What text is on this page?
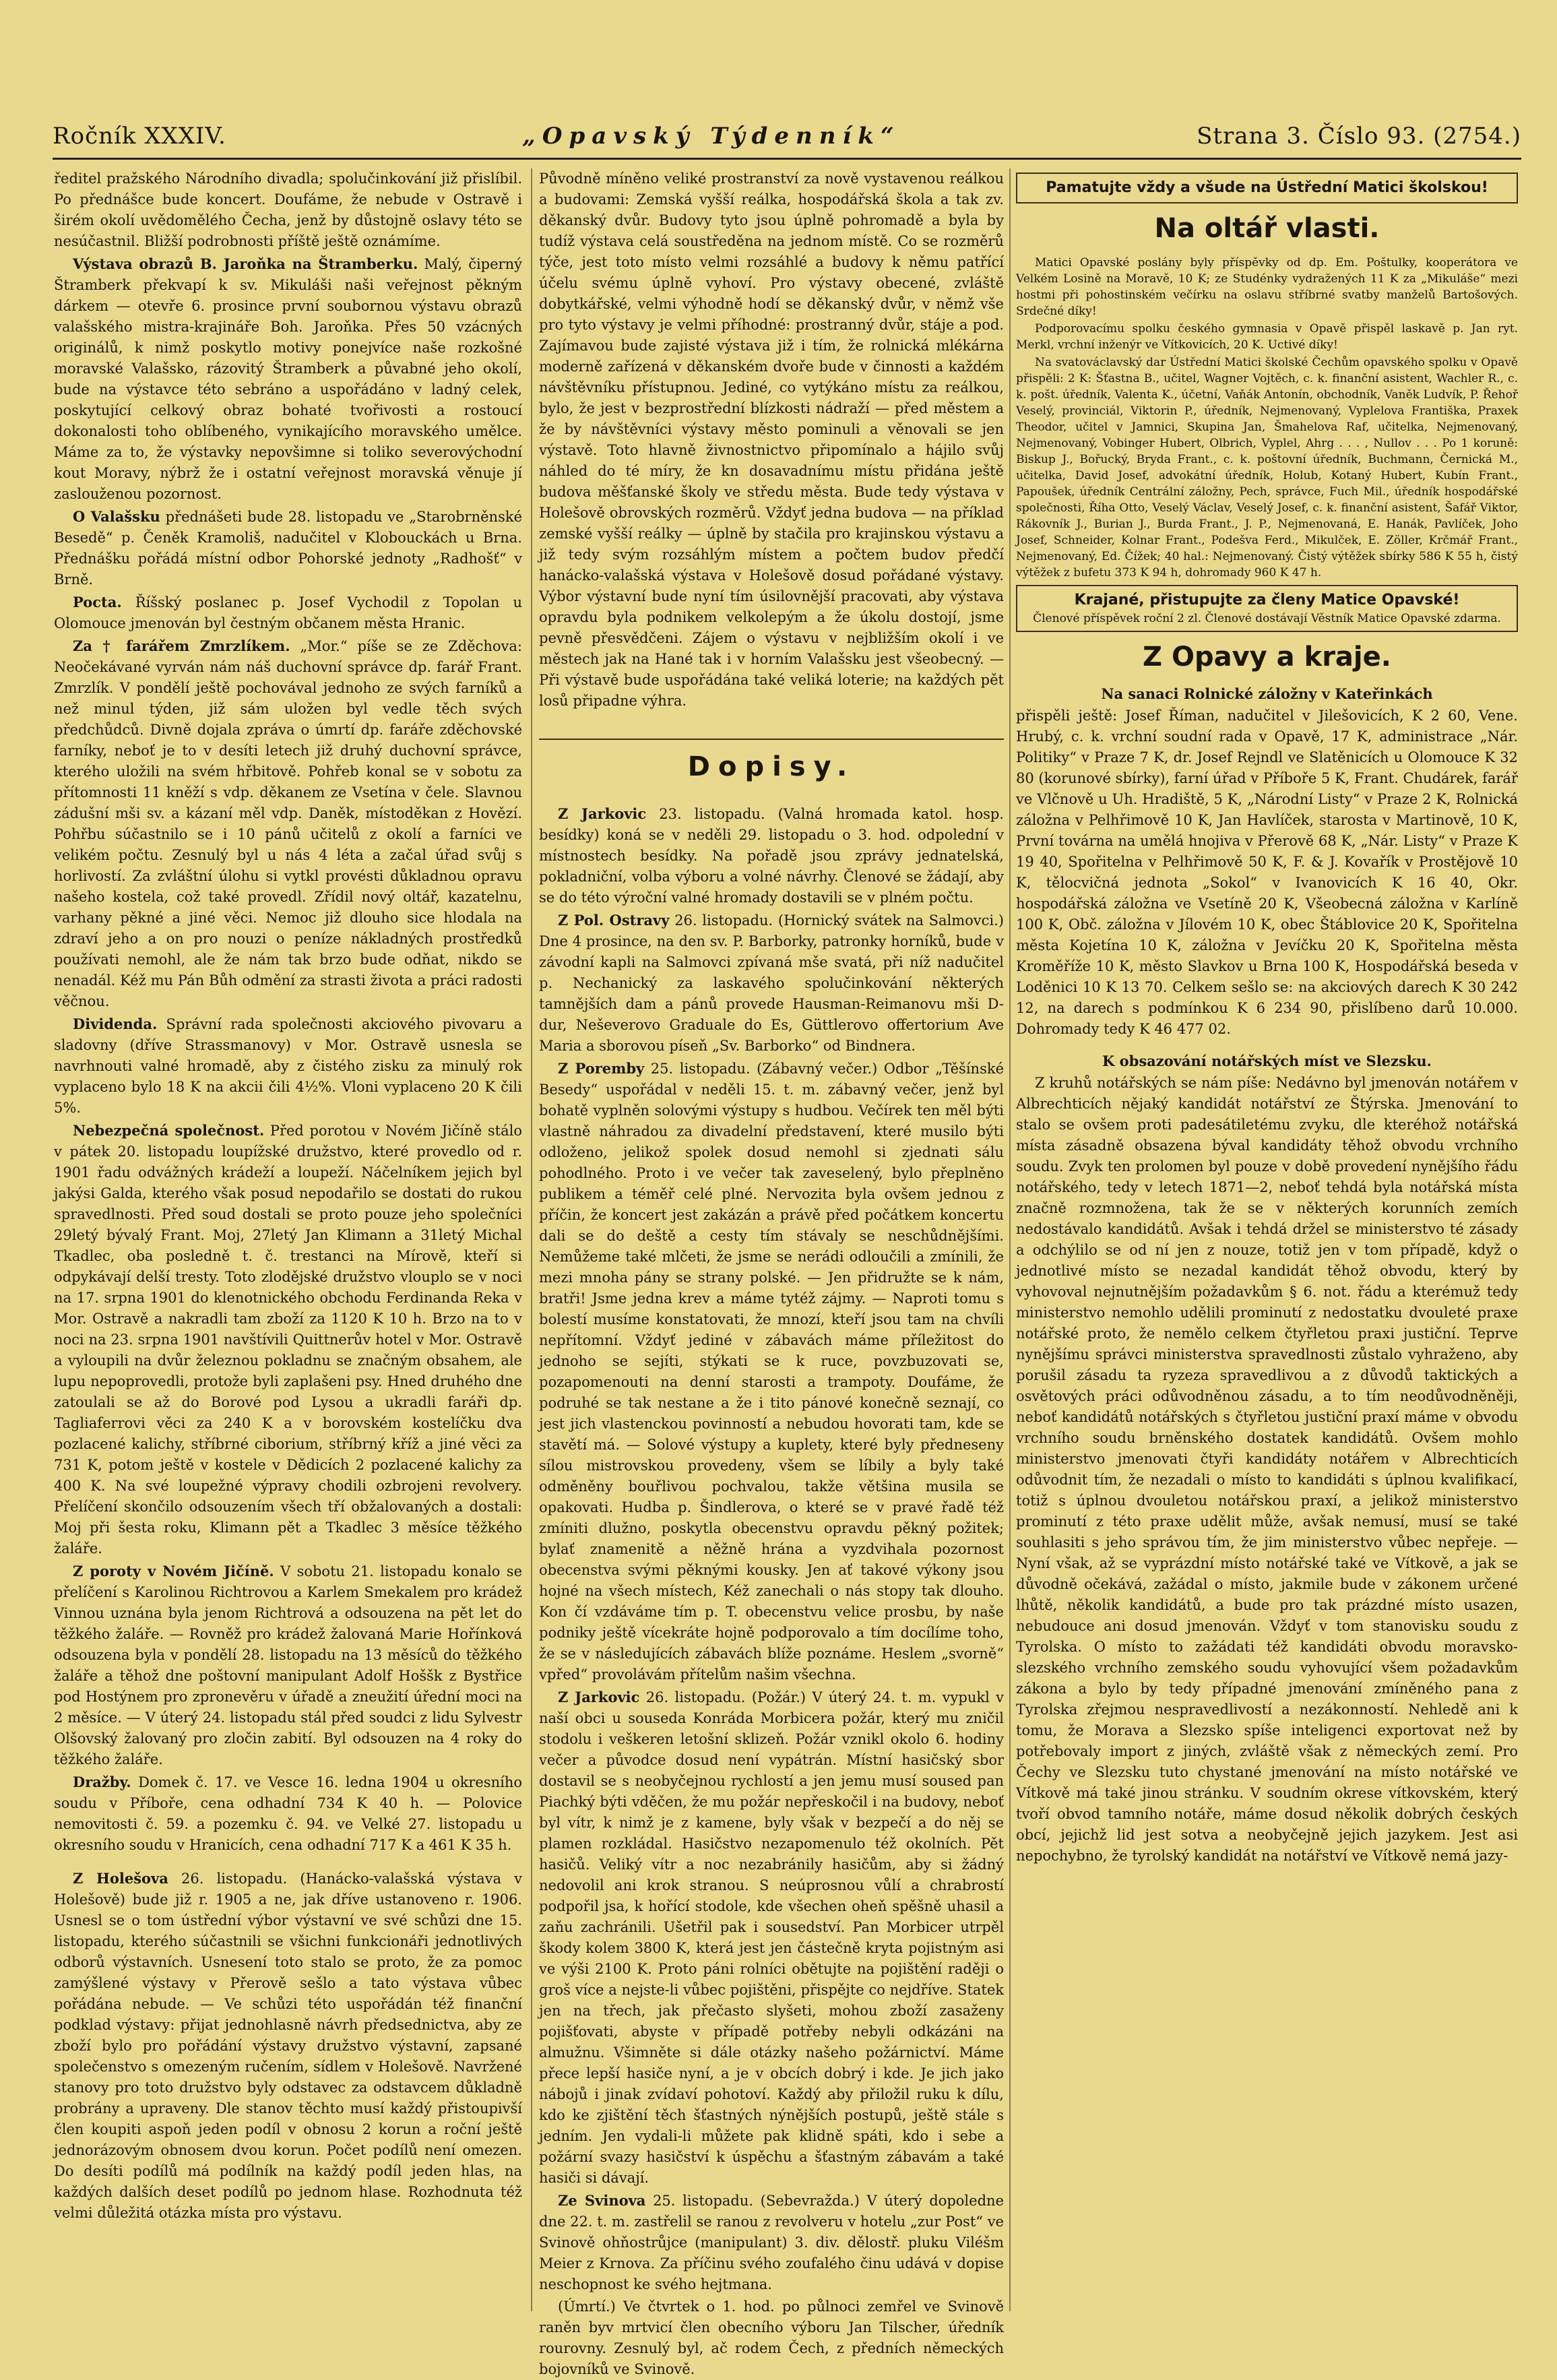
Ročník XXXIV.	„Opavský Týdenník“	Strana 3. Číslo 93. (2754.)

ředitel pražského Národního divadla; spolučinkování již přislíbil. Po přednášce bude koncert. Doufáme, že nebude v Ostravě i širém okolí uvědomělého Čecha, jenž by důstojně oslavy této se nesúčastnil. Bližší podrobnosti příště ještě oznámíme.

Výstava obrazů B. Jaroňka na Štramberku. Malý, čiperný Štramberk překvapí k sv. Mikuláši naši veřejnost pěkným dárkem — otevře 6. prosince první soubornou výstavu obrazů valašského mistra-krajináře Boh. Jaroňka. Přes 50 vzácných originálů, k nimž poskytlo motivy ponejvíce naše rozkošné moravské Valašsko, rázovitý Štramberk a půvabné jeho okolí, bude na výstavce této sebráno a uspořádáno v ladný celek, poskytující celkový obraz bohaté tvořivosti a rostoucí dokonalosti toho oblíbeného, vynikajícího moravského umělce. Máme za to, že výstavky nepovšimne si toliko severovýchodní kout Moravy, nýbrž že i ostatní veřejnost moravská věnuje jí zaslouženou pozornost.

O Valašsku přednášeti bude 28. listopadu ve „Starobrněnské Besedě“ p. Čeněk Kramoliš, nadučitel v Klobouckách u Brna. Přednášku pořádá místní odbor Pohorské jednoty „Radhošť“ v Brně.

Pocta. Říšský poslanec p. Josef Vychodil z Topolan u Olomouce jmenován byl čestným občanem města Hranic.

Za † farářem Zmrzlíkem. „Mor.“ píše se ze Zděchova: Neočekávané vyrván nám náš duchovní správce dp. farář Frant. Zmrzlík. V pondělí ještě pochovával jednoho ze svých farníků a než minul týden, již sám uložen byl vedle těch svých předchůdců. Divně dojala zpráva o úmrtí dp. faráře zděchovské farníky, neboť je to v desíti letech již druhý duchovní správce, kterého uložili na svém hřbitově. Pohřeb konal se v sobotu za přítomnosti 11 kněží s vdp. děkanem ze Vsetína v čele. Slavnou zádušní mši sv. a kázaní měl vdp. Daněk, místoděkan z Hovězí. Pohřbu súčastnilo se i 10 pánů učitelů z okolí a farníci ve velikém počtu. Zesnulý byl u nás 4 léta a začal úřad svůj s horlivostí. Za zvláštní úlohu si vytkl provésti důkladnou opravu našeho kostela, což také provedl. Zřídil nový oltář, kazatelnu, varhany pěkné a jiné věci. Nemoc již dlouho sice hlodala na zdraví jeho a on pro nouzi o peníze nákladných prostředků používati nemohl, ale že nám tak brzo bude odňat, nikdo se nenadál. Kéž mu Pán Bůh odmění za strasti života a práci radosti věčnou.

Dividenda. Správní rada společnosti akciového pivovaru a sladovny (dříve Strassmanovy) v Mor. Ostravě usnesla se navrhnouti valné hromadě, aby z čistého zisku za minulý rok vyplaceno bylo 18 K na akcii čili 4½%. Vloni vyplaceno 20 K čili 5%.

Nebezpečná společnost. Před porotou v Novém Jičíně stálo v pátek 20. listopadu loupížské družstvo, které provedlo od r. 1901 řadu odvážných krádeží a loupeží. Náčelníkem jejich byl jakýsi Galda, kterého však posud nepodařilo se dostati do rukou spravedlnosti. Před soud dostali se proto pouze jeho společníci 29letý bývalý Frant. Moj, 27letý Jan Klimann a 31letý Michal Tkadlec, oba posledně t. č. trestanci na Mírově, kteří si odpykávají delší tresty. Toto zlodějské družstvo vlouplo se v noci na 17. srpna 1901 do klenotnického obchodu Ferdinanda Reka v Mor. Ostravě a nakradli tam zboží za 1120 K 10 h. Brzo na to v noci na 23. srpna 1901 navštívili Quittnerův hotel v Mor. Ostravě a vyloupili na dvůr železnou pokladnu se značným obsahem, ale lupu nepoprovedli, protože byli zaplašeni psy. Hned druhého dne zatoulali se až do Borové pod Lysou a ukradli faráři dp. Tagliaferrovi věci za 240 K a v borovském kostelíčku dva pozlacené kalichy, stříbrné ciborium, stříbrný kříž a jiné věci za 731 K, potom ještě v kostele v Dědicích 2 pozlacené kalichy za 400 K. Na své loupežné výpravy chodili ozbrojeni revolvery. Přelíčení skončilo odsouzením všech tří obžalovaných a dostali: Moj při šesta roku, Klimann pět a Tkadlec 3 měsíce těžkého žaláře.

Z poroty v Novém Jičíně. V sobotu 21. listopadu konalo se přelíčení s Karolinou Richtrovou a Karlem Smekalem pro krádež Vinnou uznána byla jenom Richtrová a odsouzena na pět let do těžkého žaláře. — Rovněž pro krádež žalovaná Marie Hořínková odsouzena byla v pondělí 28. listopadu na 13 měsíců do těžkého žaláře a těhož dne poštovní manipulant Adolf Hoššk z Bystřice pod Hostýnem pro zpronevěru v úřadě a zneužití úřední moci na 2 měsíce. — V úterý 24. listopadu stál před soudci z lidu Sylvestr Olšovský žalovaný pro zločin zabití. Byl odsouzen na 4 roky do těžkého žaláře.

Dražby. Domek č. 17. ve Vesce 16. ledna 1904 u okresního soudu v Příboře, cena odhadní 734 K 40 h. — Polovice nemovitosti č. 59. a pozemku č. 94. ve Velké 27. listopadu u okresního soudu v Hranicích, cena odhadní 717 K a 461 K 35 h.

Z Holešova 26. listopadu. (Hanácko-valašská výstava v Holešově) bude již r. 1905 a ne, jak dříve ustanoveno r. 1906. Usnesl se o tom ústřední výbor výstavní ve své schůzi dne 15. listopadu, kterého súčastnili se všichni funkcionáři jednotlivých odborů výstavních. Usnesení toto stalo se proto, že za pomoc zamýšlené výstavy v Přerově sešlo a tato výstava vůbec pořádána nebude. — Ve schůzi této uspořádán též finanční podklad výstavy: přijat jednohlasně návrh předsednictva, aby ze zboží bylo pro pořádání výstavy družstvo výstavní, zapsané společenstvo s omezeným ručením, sídlem v Holešově. Navržené stanovy pro toto družstvo byly odstavec za odstavcem důkladně probrány a upraveny. Dle stanov těchto musí každý přistoupivší člen koupiti aspoň jeden podíl v obnosu 2 korun a roční ještě jednorázovým obnosem dvou korun. Počet podílů není omezen. Do desíti podílů má podílník na každý podíl jeden hlas, na každých dalších deset podílů po jednom hlase. Rozhodnuta též velmi důležitá otázka místa pro výstavu.

Původně míněno veliké prostranství za nově vystavenou reálkou a budovami: Zemská vyšší reálka, hospodářská škola a tak zv. děkanský dvůr. Budovy tyto jsou úplně pohromadě a byla by tudíž výstava celá soustředěna na jednom místě. Co se rozměrů týče, jest toto místo velmi rozsáhlé a budovy k němu patřící účelu svému úplně vyhoví. Pro výstavy obecené, zvláště dobytkářské, velmi výhodně hodí se děkanský dvůr, v němž vše pro tyto výstavy je velmi příhodné: prostranný dvůr, stáje a pod. Zajímavou bude zajisté výstava již i tím, že rolnická mlékárna moderně zařízená v děkanském dvoře bude v činnosti a každém návštěvníku přístupnou. Jediné, co vytýkáno místu za reálkou, bylo, že jest v bezprostřední blízkosti nádraží — před městem a že by návštěvníci výstavy město pominuli a věnovali se jen výstavě. Toto hlavně živnostnictvo připomínalo a hájilo svůj náhled do té míry, že kn dosavadnímu místu přidána ještě budova měšťanské školy ve středu města. Bude tedy výstava v Holešově obrovských rozměrů. Vždyť jedna budova — na příklad zemské vyšší reálky — úplně by stačila pro krajinskou výstavu a již tedy svým rozsáhlým místem a počtem budov předčí hanácko-valašská výstava v Holešově dosud pořádané výstavy. Výbor výstavní bude nyní tím úsilovnější pracovati, aby výstava opravdu byla podnikem velkolepým a že úkolu dostojí, jsme pevně přesvědčeni. Zájem o výstavu v nejbližším okolí i ve městech jak na Hané tak i v horním Valašsku jest všeobecný. — Při výstavě bude uspořádána také veliká loterie; na každých pět losů připadne výhra.

Dopisy.

Z Jarkovic 23. listopadu. (Valná hromada katol. hosp. besídky) koná se v neděli 29. listopadu o 3. hod. odpolední v místnostech besídky. Na pořadě jsou zprávy jednatelská, pokladniční, volba výboru a volné návrhy. Členové se žádají, aby se do této výroční valné hromady dostavili se v plném počtu.

Z Pol. Ostravy 26. listopadu. (Hornický svátek na Salmovci.) Dne 4 prosince, na den sv. P. Barborky, patronky horníků, bude v závodní kapli na Salmovci zpívaná mše svatá, při níž nadučitel p. Nechanický za laskavého spolučinkování některých tamnějších dam a pánů provede Hausman-Reimanovu mši D-dur, Neševerovo Graduale do Es, Güttlerovo offertorium Ave Maria a sborovou píseň „Sv. Barborko“ od Bindnera.

Z Poremby 25. listopadu. (Zábavný večer.) Odbor „Těšínské Besedy“ uspořádal v neděli 15. t. m. zábavný večer, jenž byl bohatě vyplněn solovými výstupy s hudbou. Večírek ten měl býti vlastně náhradou za divadelní představení, které musilo býti odloženo, jelikož spolek dosud nemohl si zjednati sálu pohodlného. Proto i ve večer tak zaveselený, bylo přeplněno publikem a téměř celé plné. Nervozita byla ovšem jednou z příčin, že koncert jest zakázán a právě před počátkem koncertu dali se do deště a cesty tím stávaly se neschůdnějšími. Nemůžeme také mlčeti, že jsme se nerádi odloučili a zmínili, že mezi mnoha pány se strany polské. — Jen přidružte se k nám, bratři! Jsme jedna krev a máme tytéž zájmy. — Naproti tomu s bolestí musíme konstatovati, že mnozí, kteří jsou tam na chvíli nepřítomní. Vždyť jediné v zábavách máme příležitost do jednoho se sejíti, stýkati se k ruce, povzbuzovati se, pozapomenouti na denní starosti a trampoty. Doufáme, že podruhé se tak nestane a že i tito pánové konečně seznají, co jest jich vlastenckou povinností a nebudou hovorati tam, kde se stavětí má. — Solové výstupy a kuplety, které byly předneseny sílou mistrovskou provedeny, všem se líbily a byly také odměněny bouřlivou pochvalou, takže většina musila se opakovati. Hudba p. Šindlerova, o které se v pravé řadě též zmíniti dlužno, poskytla obecenstvu opravdu pěkný požitek; bylať znamenitě a něžně hrána a vyzdvihala pozornost obecenstva svými pěknými kousky. Jen ať takové výkony jsou hojné na všech místech, Kéž zanechali o nás stopy tak dlouho. Kon čí vzdáváme tím p. T. obecenstvu velice prosbu, by naše podniky ještě vícekráte hojně podporovalo a tím docílíme toho, že se v následujících zábavách blíže poznáme. Heslem „svorně“ vpřed“ provolávám přítelům našim všechna.

Z Jarkovic 26. listopadu. (Požár.) V úterý 24. t. m. vypukl v naší obci u souseda Konráda Morbicera požár, který mu zničil stodolu i veškeren letošní sklizeň. Požár vznikl okolo 6. hodiny večer a původce dosud není vypátrán. Místní hasičský sbor dostavil se s neobyčejnou rychlostí a jen jemu musí soused pan Piachký býti vděčen, že mu požár nepřeskočil i na budovy, neboť byl vítr, k nimž je z kamene, byly však v bezpečí a do něj se plamen rozkládal. Hasičstvo nezapomenulo též okolních. Pět hasičů. Veliký vítr a noc nezabránily hasičům, aby si žádný nedovolil ani krok stranou. S neúprosnou vůlí a chrabrostí podpořil jsa, k hořící stodole, kde všechen oheň spěšně uhasil a zaňu zachránili. Ušetřil pak i sousedství. Pan Morbicer utrpěl škody kolem 3800 K, která jest jen částečně kryta pojistným asi ve výši 2100 K. Proto páni rolníci obětujte na pojištění raději o groš více a nejste-li vůbec pojištěni, přispějte co nejdříve. Statek jen na třech, jak přečasto slyšeti, mohou zboží zasaženy pojišťovati, abyste v případě potřeby nebyli odkázáni na almužnu. Všimněte si dále otázky našeho požárnictví. Máme přece lepší hasiče nyní, a je v obcích dobrý i kde. Je jich jako nábojů i jinak zvídaví pohotoví. Každý aby přiložil ruku k dílu, kdo ke zjištění těch šťastných nýnějších postupů, ještě stále s jedním. Jen vydali-li můžete pak klidně spáti, kdo i sebe a požární svazy hasičství k úspěchu a šťastným zábavám a také hasiči si dávají.

Ze Svinova 25. listopadu. (Sebevražda.) V úterý dopoledne dne 22. t. m. zastřelil se ranou z revolveru v hotelu „zur Post“ ve Svinově ohňostrůjce (manipulant) 3. div. dělostř. pluku Viléšm Meier z Krnova. Za příčinu svého zoufalého činu udává v dopise neschopnost ke svého hejtmana.

(Úmrtí.) Ve čtvrtek o 1. hod. po půlnoci zemřel ve Svinově raněn byv mrtvicí člen obecního výboru Jan Tilscher, úředník rourovny. Zesnulý byl, ač rodem Čech, z předních německých bojovníků ve Svinově.

Pamatujte vždy a všude na Ústřední Matici školskou!
Na oltář vlasti.

Matici Opavské poslány byly příspěvky od dp. Em. Poštulky, kooperátora ve Velkém Losině na Moravě, 10 K; ze Studénky vydražených 11 K za „Mikuláše“ mezi hostmi při pohostinském večírku na oslavu stříbrné svatby manželů Bartošových. Srdečné díky!

Podporovacímu spolku českého gymnasia v Opavě přispěl laskavě p. Jan ryt. Merkl, vrchní inženýr ve Vítkovicích, 20 K. Uctivé díky!

Na svatováclavský dar Ústřední Matici školské Čechům opavského spolku v Opavě přispěli: 2 K: Šťastna B., učitel, Wagner Vojtěch, c. k. finanční asistent, Wachler R., c. k. pošt. úředník, Valenta K., účetní, Vaňák Antonín, obchodník, Vaněk Ludvík, P. Řehoř Veselý, provinciál, Viktorin P., úředník, Nejmenovaný, Vyplelova Františka, Praxek Theodor, učitel v Jamnici, Skupina Jan, Šmahelova Raf, učitelka, Nejmenovaný, Nejmenovaný, Vobinger Hubert, Olbrich, Vyplel, Ahrg . . . , Nullov . . . Po 1 koruně: Biskup J., Bořucký, Bryda Frant., c. k. poštovní úředník, Buchmann, Černická M., učitelka, David Josef, advokátní úředník, Holub, Kotaný Hubert, Kubín Frant., Papoušek, úředník Centrální záložny, Pech, správce, Fuch Mil., úředník hospodářské společnosti, Říha Otto, Veselý Václav, Veselý Josef, c. k. finanční asistent, Šafář Viktor, Rákovník J., Burian J., Burda Frant., J. P., Nejmenovaná, E. Hanák, Pavlíček, Joho Josef, Schneider, Kolnar Frant., Podešva Ferd., Mikulček, E. Zöller, Krčmář Frant., Nejmenovaný, Ed. Čížek; 40 hal.: Nejmenovaný. Čistý výtěžek sbírky 586 K 55 h, čistý výtěžek z bufetu 373 K 94 h, dohromady 960 K 47 h.

Krajané, přistupujte za členy Matice Opavské!
Členové příspěvek roční 2 zl. Členové dostávají Věstník Matice Opavské zdarma.
Z Opavy a kraje.

Na sanaci Rolnické záložny v Kateřinkách

přispěli ještě: Josef Říman, nadučitel v Jilešovicích, K 2 60, Vene. Hrubý, c. k. vrchní soudní rada v Opavě, 17 K, administrace „Nár. Politiky“ v Praze 7 K, dr. Josef Rejndl ve Slatěnicích u Olomouce K 32 80 (korunové sbírky), farní úřad v Příboře 5 K, Frant. Chudárek, farář ve Vlčnově u Uh. Hradiště, 5 K, „Národní Listy“ v Praze 2 K, Rolnická záložna v Pelhřimově 10 K, Jan Havlíček, starosta v Martinově, 10 K, První továrna na umělá hnojiva v Přerově 68 K, „Nár. Listy“ v Praze K 19 40, Spořitelna v Pelhřimově 50 K, F. & J. Kovařík v Prostějově 10 K, tělocvičná jednota „Sokol“ v Ivanovicích K 16 40, Okr. hospodářská záložna ve Vsetíně 20 K, Všeobecná záložna v Karlíně 100 K, Obč. záložna v Jílovém 10 K, obec Štáblovice 20 K, Spořitelna města Kojetína 10 K, záložna v Jevíčku 20 K, Spořitelna města Kroměříže 10 K, město Slavkov u Brna 100 K, Hospodářská beseda v Loděnici 10 K 13 70. Celkem sešlo se: na akciových darech K 30 242 12, na darech s podmínkou K 6 234 90, přislíbeno darů 10.000. Dohromady tedy K 46 477 02.

K obsazování notářských míst ve Slezsku.

Z kruhů notářských se nám píše: Nedávno byl jmenován notářem v Albrechticích nějaký kandidát notářství ze Štýrska. Jmenování to stalo se ovšem proti padesátiletému zvyku, dle kteréhož notářská místa zásadně obsazena býval kandidáty těhož obvodu vrchního soudu. Zvyk ten prolomen byl pouze v době provedení nynějšího řádu notářského, tedy v letech 1871—2, neboť tehdá byla notářská místa značně rozmnožena, tak že se v některých korunních zemích nedostávalo kandidátů. Avšak i tehdá držel se ministerstvo té zásady a odchýlilo se od ní jen z nouze, totiž jen v tom případě, když o jednotlivé místo se nezadal kandidát těhož obvodu, který by vyhovoval nejnutnějším požadavkům § 6. not. řádu a kterémuž tedy ministerstvo nemohlo udělili prominutí z nedostatku dvouleté praxe notářské proto, že nemělo celkem čtyřletou praxi justiční. Teprve nynějšímu správci ministerstva spravedlnosti zůstalo vyhraženo, aby porušil zásadu ta ryzeza spravedlivou a z důvodů taktických a osvětových práci odůvodněnou zásadu, a to tím neodůvodněněji, neboť kandidátů notářských s čtyřletou justiční praxí máme v obvodu vrchního soudu brněnského dostatek kandidátů. Ovšem mohlo ministerstvo jmenovati čtyři kandidáty notářem v Albrechticích odůvodnit tím, že nezadali o místo to kandidáti s úplnou kvalifikací, totiž s úplnou dvouletou notářskou praxí, a jelikož ministerstvo prominutí z této praxe udělit může, avšak nemusí, musí se také souhlasiti s jeho správou tím, že jim ministerstvo vůbec nepřeje. — Nyní však, až se vyprázdní místo notářské také ve Vítkově, a jak se důvodně očekává, zažádal o místo, jakmile bude v zákonem určené lhůtě, několik kandidátů, a bude pro tak prázdné místo usazen, nebudouce ani dosud jmenován. Vždyť v tom stanovisku soudu z Tyrolska. O místo to zažádati též kandidáti obvodu moravsko-slezského vrchního zemského soudu vyhovující všem požadavkům zákona a bylo by tedy případné jmenování zmíněného pana z Tyrolska zřejmou nespravedlivostí a nezákonností. Nehledě ani k tomu, že Morava a Slezsko spíše inteligenci exportovat než by potřebovaly import z jiných, zvláště však z německých zemí. Pro Čechy ve Slezsku tuto chystané jmenování na místo notářské ve Vítkově má také jinou stránku. V soudním okrese vítkovském, který tvoří obvod tamního notáře, máme dosud několik dobrých českých obcí, jejichž lid jest sotva a neobyčejně jejich jazykem. Jest asi nepochybno, že tyrolský kandidát na notářství ve Vítkově nemá jazy-
